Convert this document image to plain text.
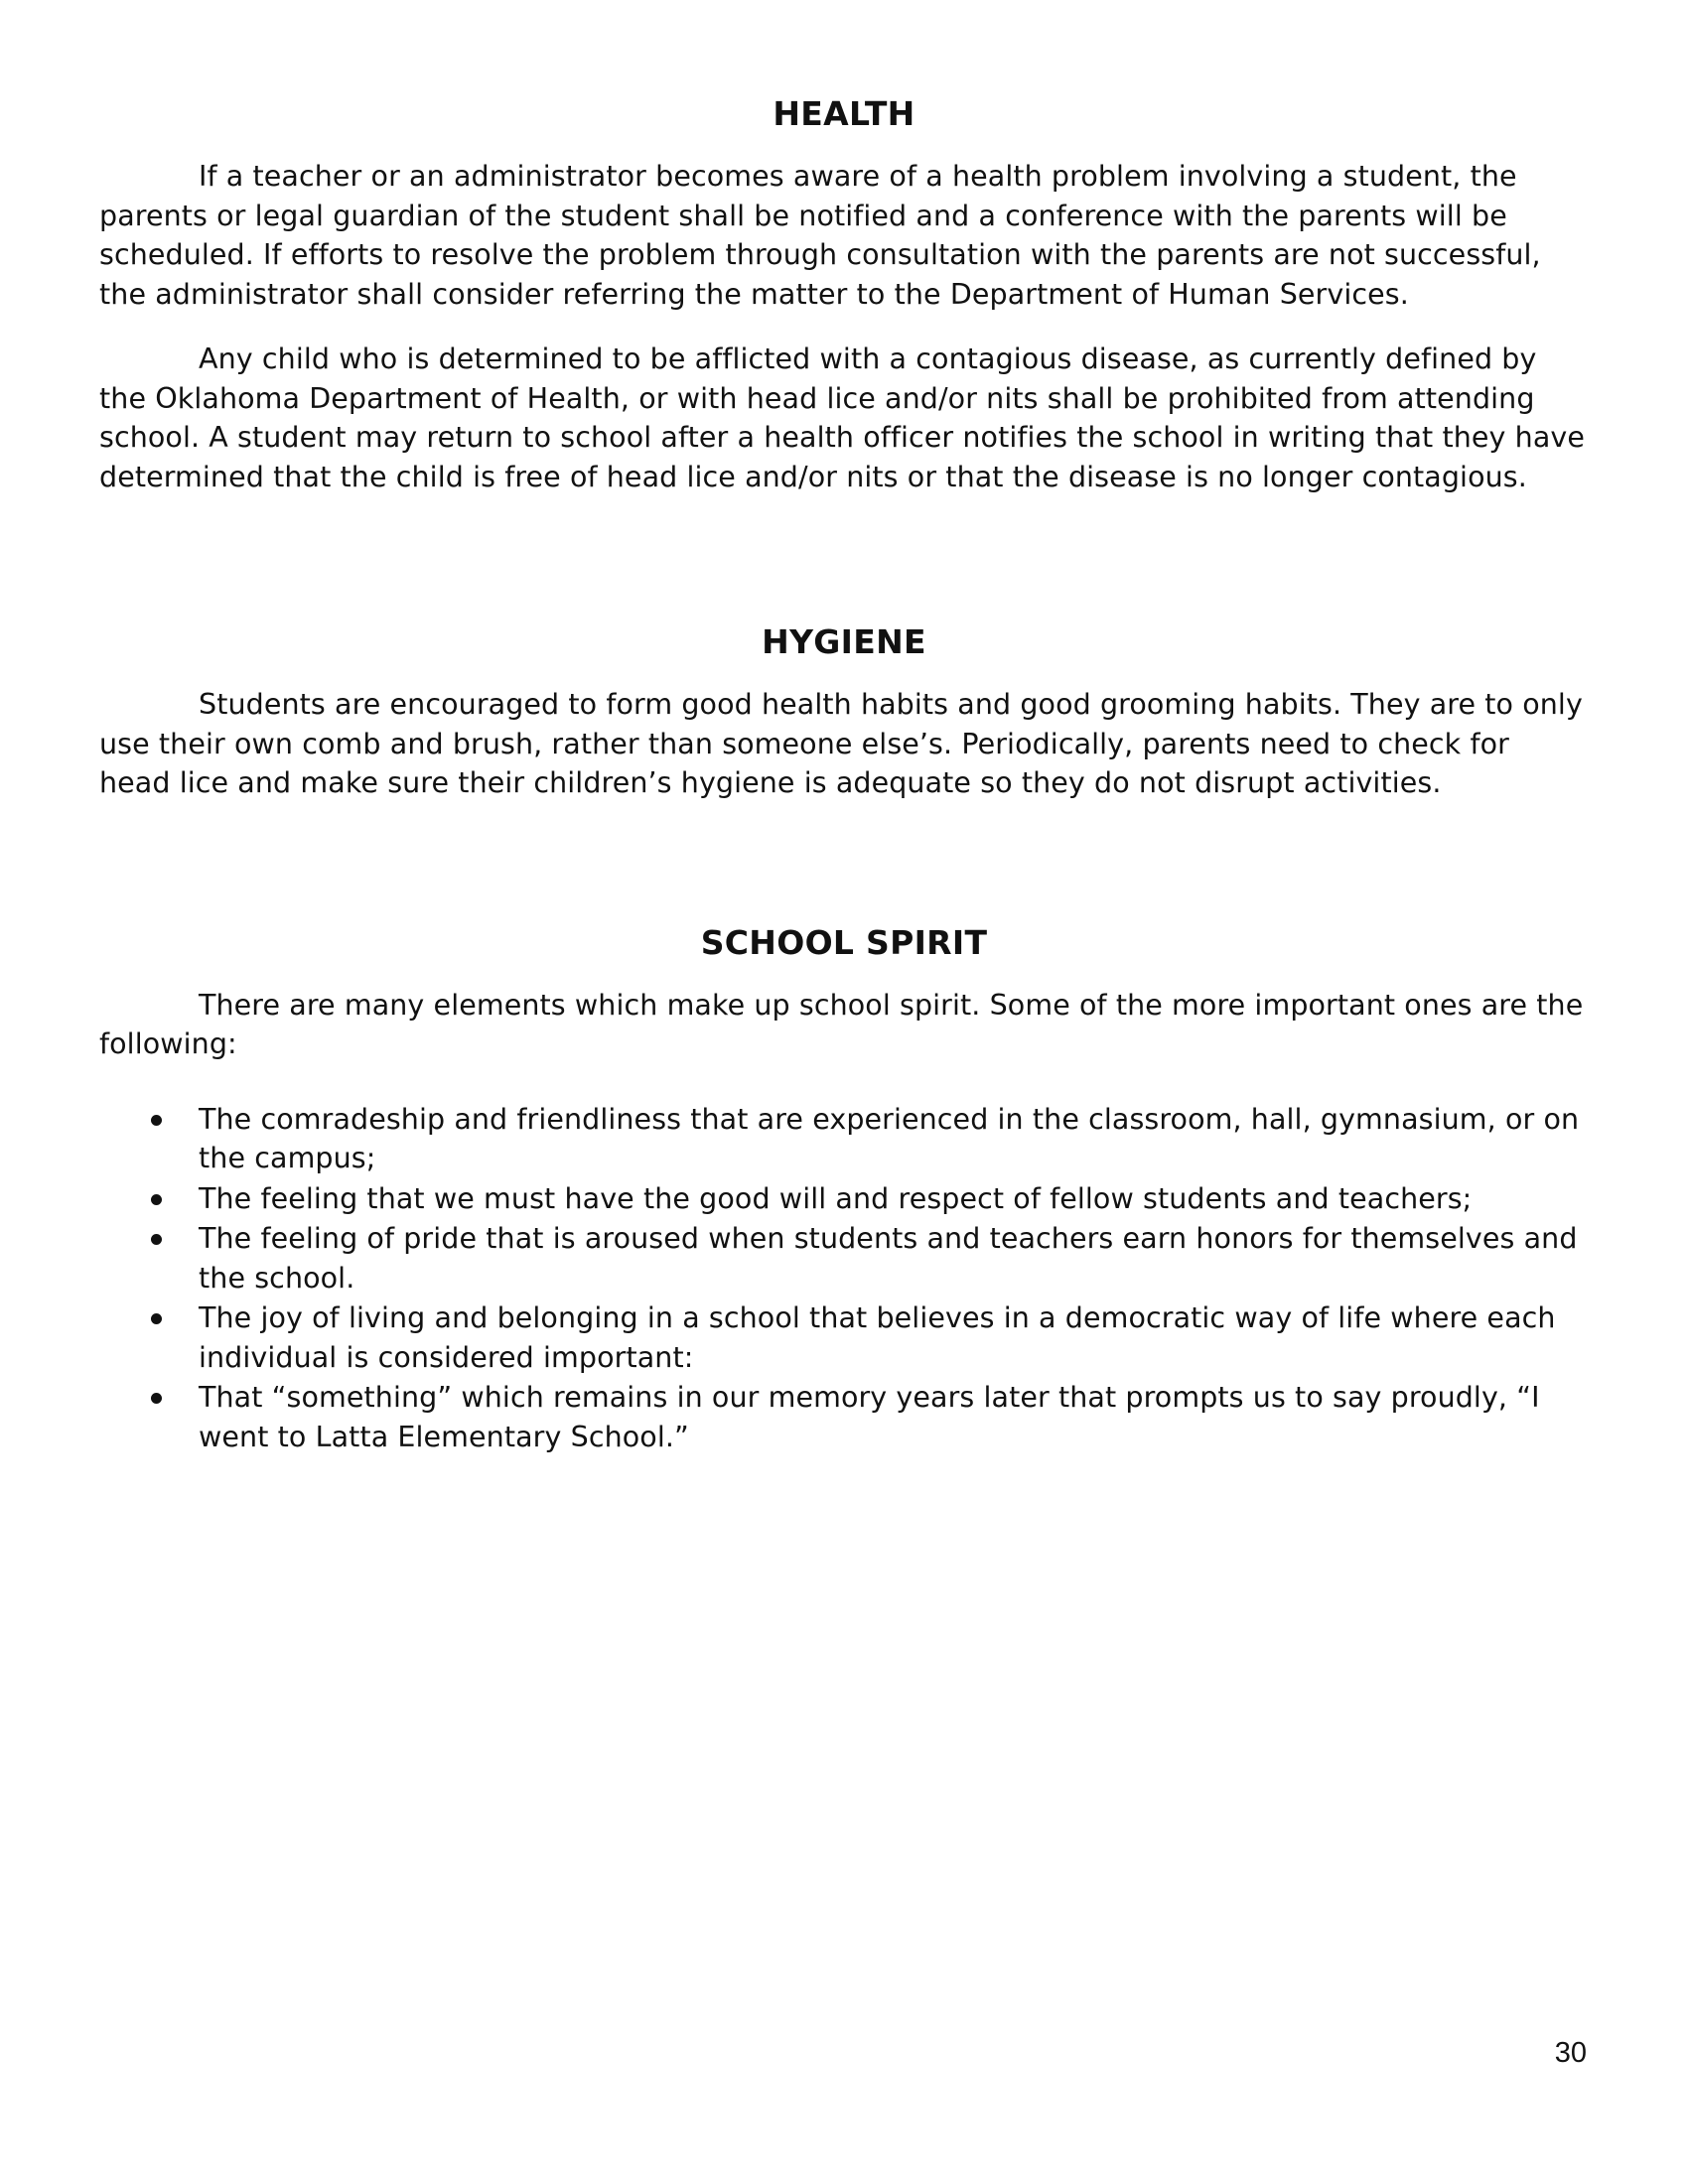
HEALTH

If a teacher or an administrator becomes aware of a health problem involving a student, the parents or legal guardian of the student shall be notified and a conference with the parents will be scheduled. If efforts to resolve the problem through consultation with the parents are not successful, the administrator shall consider referring the matter to the Department of Human Services.

Any child who is determined to be afflicted with a contagious disease, as currently defined by the Oklahoma Department of Health, or with head lice and/or nits shall be prohibited from attending school. A student may return to school after a health officer notifies the school in writing that they have determined that the child is free of head lice and/or nits or that the disease is no longer contagious.

HYGIENE

Students are encouraged to form good health habits and good grooming habits. They are to only use their own comb and brush, rather than someone else’s. Periodically, parents need to check for head lice and make sure their children’s hygiene is adequate so they do not disrupt activities.

SCHOOL SPIRIT

There are many elements which make up school spirit. Some of the more important ones are the following:

The comradeship and friendliness that are experienced in the classroom, hall, gymnasium, or on the campus;
The feeling that we must have the good will and respect of fellow students and teachers;
The feeling of pride that is aroused when students and teachers earn honors for themselves and the school.
The joy of living and belonging in a school that believes in a democratic way of life where each individual is considered important:
That “something” which remains in our memory years later that prompts us to say proudly, “I went to Latta Elementary School.”
30
